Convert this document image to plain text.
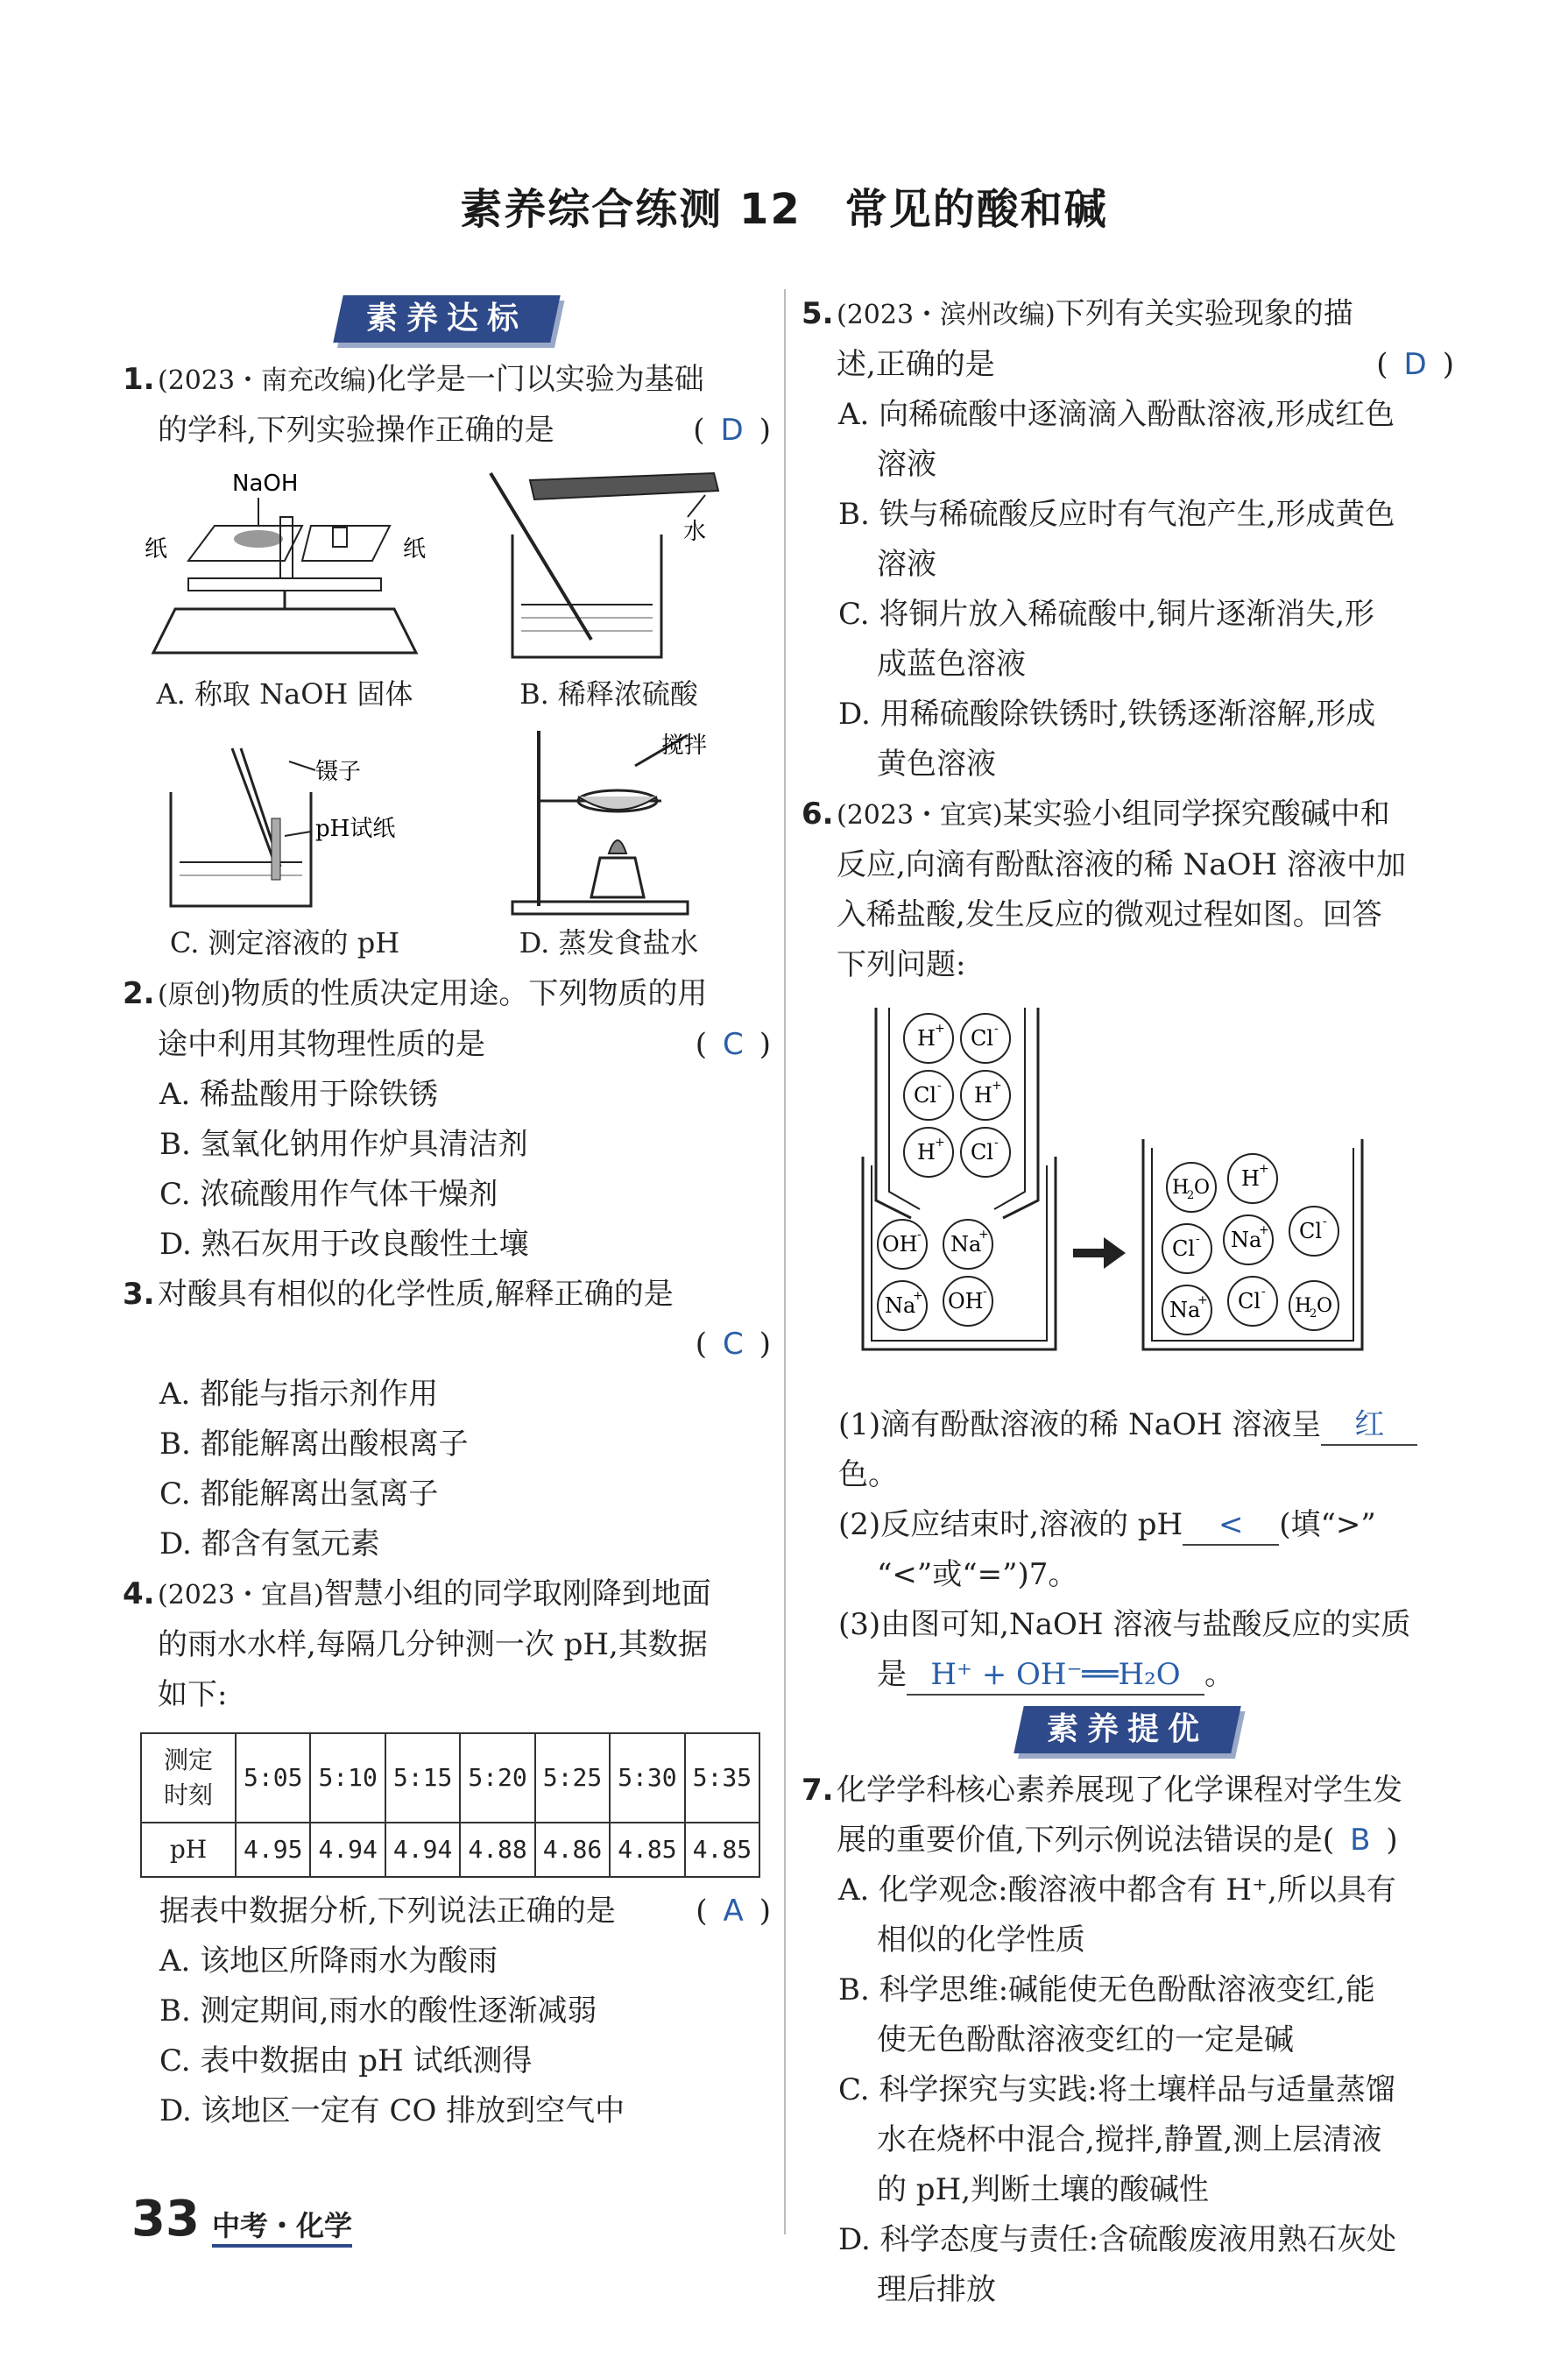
素养综合练测 12　常见的酸和碱
素养达标
1. (2023・南充改编)化学是一门以实验为基础
的学科,下列实验操作正确的是	( D )
NaOH
纸	纸
A. 称取 NaOH 固体
水
B. 稀释浓硫酸
镊子
pH试纸
C. 测定溶液的 pH
搅拌
D. 蒸发食盐水
2. (原创)物质的性质决定用途。下列物质的用
途中利用其物理性质的是	( C )
A. 稀盐酸用于除铁锈
B. 氢氧化钠用作炉具清洁剂
C. 浓硫酸用作气体干燥剂
D. 熟石灰用于改良酸性土壤
3. 对酸具有相似的化学性质,解释正确的是
( C )
A. 都能与指示剂作用
B. 都能解离出酸根离子
C. 都能解离出氢离子
D. 都含有氢元素
4. (2023・宜昌)智慧小组的同学取刚降到地面
的雨水水样,每隔几分钟测一次 pH,其数据
如下:
测定
时刻	5:05	5:10	5:15	5:20	5:25	5:30	5:35
pH	4.95	4.94	4.94	4.88	4.86	4.85	4.85
据表中数据分析,下列说法正确的是	( A )
A. 该地区所降雨水为酸雨
B. 测定期间,雨水的酸性逐渐减弱
C. 表中数据由 pH 试纸测得
D. 该地区一定有 CO 排放到空气中
5. (2023・滨州改编)下列有关实验现象的描
述,正确的是	( D )
A. 向稀硫酸中逐滴滴入酚酞溶液,形成红色
溶液
B. 铁与稀硫酸反应时有气泡产生,形成黄色
溶液
C. 将铜片放入稀硫酸中,铜片逐渐消失,形
成蓝色溶液
D. 用稀硫酸除铁锈时,铁锈逐渐溶解,形成
黄色溶液
6. (2023・宜宾)某实验小组同学探究酸碱中和
反应,向滴有酚酞溶液的稀 NaOH 溶液中加
入稀盐酸,发生反应的微观过程如图。回答
下列问题:
H + Cl -
Cl - H +
H + Cl -
OH - Na
+
Na
+ OH -
H
2 O H +
Cl - Na
+ Cl -
Na
+ Cl -
H
2 O
(1)滴有酚酞溶液的稀 NaOH 溶液呈 红色。
(2)反应结束时,溶液的 pH < (填“>”
“<”或“=”)7。
(3)由图可知,NaOH 溶液与盐酸反应的实质
是 H⁺ + OH⁻══H₂O 。
素养提优
7. 化学学科核心素养展现了化学课程对学生发
展的重要价值,下列示例说法错误的是( B )
A. 化学观念:酸溶液中都含有 H⁺,所以具有
相似的化学性质
B. 科学思维:碱能使无色酚酞溶液变红,能
使无色酚酞溶液变红的一定是碱
C. 科学探究与实践:将土壤样品与适量蒸馏
水在烧杯中混合,搅拌,静置,测上层清液
的 pH,判断土壤的酸碱性
D. 科学态度与责任:含硫酸废液用熟石灰处
理后排放
33 中考・化学
